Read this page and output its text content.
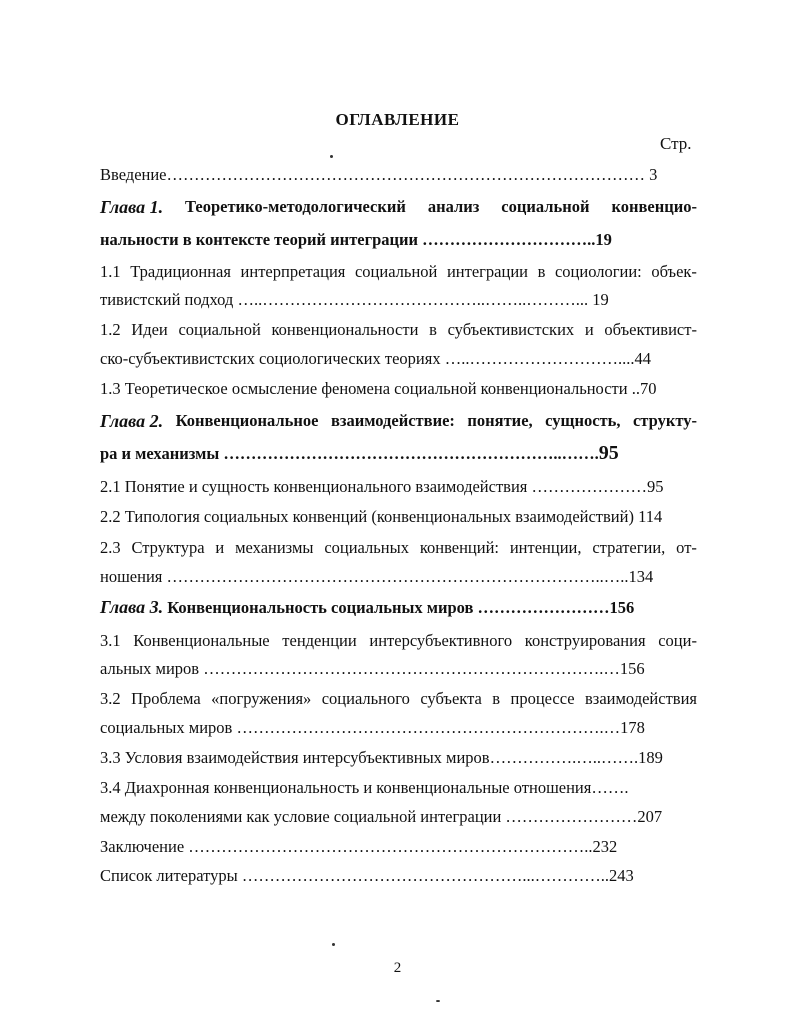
ОГЛАВЛЕНИЕ
Стр.
Введение…………………………………………………………………………… 3
Глава 1. Теоретико-методологический анализ социальной конвенцио-
нальности в контексте теорий интеграции …………………………..19
1.1 Традиционная интерпретация социальной интеграции в социологии: объек-
тивистский подход …..…………………………………..……..………... 19
1.2 Идеи социальной конвенциональности в субъективистских и объективист-
ско-субъективистских социологических теориях …..………………………....44
1.3 Теоретическое осмысление феномена социальной конвенциональности ..70
Глава 2. Конвенциональное взаимодействие: понятие, сущность, структу-
ра и механизмы ……………………………………………………..…….95
2.1 Понятие и сущность конвенционального взаимодействия …………………95
2.2 Типология социальных конвенций (конвенциональных взаимодействий) 114
2.3 Структура и механизмы социальных конвенций: интенции, стратегии, от-
ношения ……………………………………………………………………..…..134
Глава 3. Конвенциональность социальных миров ……………………156
3.1 Конвенциональные тенденции интерсубъективного конструирования соци-
альных миров ……………………………………………………………….…156
3.2 Проблема «погружения» социального субъекта в процессе взаимодействия
социальных миров ………………………………………………………….…178
3.3 Условия взаимодействия интерсубъективных миров…………….…..…….189
3.4 Диахронная конвенциональность и конвенциональные отношения…….
между поколениями как условие социальной интеграции ……………………207
Заключение ………………………………………………………………..232
Список литературы ……………………………………………...…………..243
2
